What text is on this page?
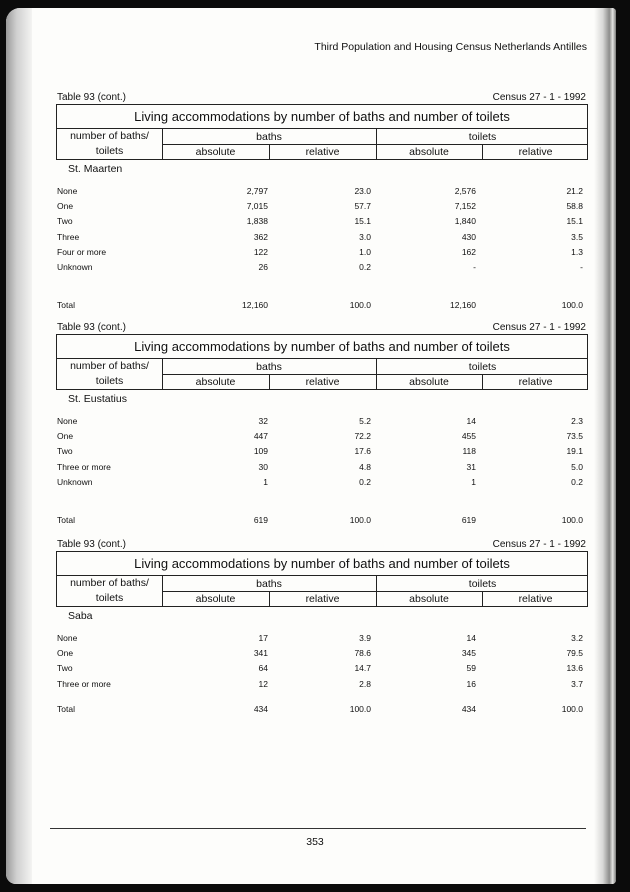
Third Population and Housing Census Netherlands Antilles
Table 93 (cont.)	Census 27 - 1 - 1992
Living accommodations by number of baths and number of toilets
number of baths/
toilets
baths	toilets
absolute	relative	absolute	relative
St. Maarten
None	2,797	23.0	2,576	21.2
One	7,015	57.7	7,152	58.8
Two	1,838	15.1	1,840	15.1
Three	362	3.0	430	3.5
Four or more	122	1.0	162	1.3
Unknown	26	0.2	-	-
Total	12,160	100.0	12,160	100.0
Table 93 (cont.)	Census 27 - 1 - 1992
Living accommodations by number of baths and number of toilets
number of baths/
toilets
baths	toilets
absolute	relative	absolute	relative
St. Eustatius
None	32	5.2	14	2.3
One	447	72.2	455	73.5
Two	109	17.6	118	19.1
Three or more	30	4.8	31	5.0
Unknown	1	0.2	1	0.2
Total	619	100.0	619	100.0
Table 93 (cont.)	Census 27 - 1 - 1992
Living accommodations by number of baths and number of toilets
number of baths/
toilets
baths	toilets
absolute	relative	absolute	relative
Saba
None	17	3.9	14	3.2
One	341	78.6	345	79.5
Two	64	14.7	59	13.6
Three or more	12	2.8	16	3.7
Total	434	100.0	434	100.0
353
